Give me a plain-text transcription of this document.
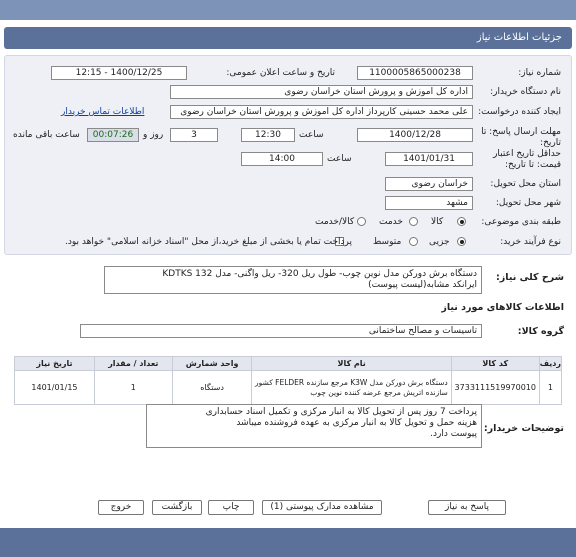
جزئیات اطلاعات نیاز
شماره نیاز:
1100005865000238
تاریخ و ساعت اعلان عمومی:
1400/12/25 - 12:15
نام دستگاه خریدار:
اداره کل اموزش و پرورش استان خراسان رضوی
ایجاد کننده درخواست:
علی محمد حسینی کارپرداز اداره کل اموزش و پرورش استان خراسان رضوی
اطلاعات تماس خریدار
مهلت ارسال پاسخ: تا تاریخ:
1400/12/28
ساعت
12:30
3
روز و
00:07:26
ساعت باقی مانده
حداقل تاریخ اعتبار قیمت: تا تاریخ:
1401/01/31
ساعت
14:00
استان محل تحویل:
خراسان رضوی
شهر محل تحویل:
مشهد
طبقه بندی موضوعی:
کالا
خدمت
کالا/خدمت
نوع فرآیند خرید:
جزیی
متوسط
پرداخت تمام یا بخشی از مبلغ خرید،از محل "اسناد خزانه اسلامی" خواهد بود.
شرح کلی نیاز:
دستگاه برش دورکن مدل نوین چوب- طول ریل 320- ریل واگنی- مدل KDTKS 132
ایرانکد مشابه(لیست پیوست)
اطلاعات کالاهای مورد نیاز
گروه کالا:
تاسیسات و مصالح ساختمانی
ردیف	کد کالا	نام کالا	واحد شمارش	تعداد / مقدار	تاریخ نیاز
1	3733111519970010	دستگاه برش دورکن مدل K3W مرجع سازنده FELDER کشور
سازنده اتریش مرجع عرضه کننده نوین چوب	دستگاه	1	1401/01/15
توضیحات خریدار:
پرداخت 7 روز پس از تحویل کالا به انبار مرکزی و تکمیل اسناد حسابداری
هزینه حمل و تحویل کالا به انبار مرکزی به عهده فروشنده میباشد
پیوست دارد.
پاسخ به نیاز
مشاهده مدارک پیوستی (1)
چاپ
بازگشت
خروج
